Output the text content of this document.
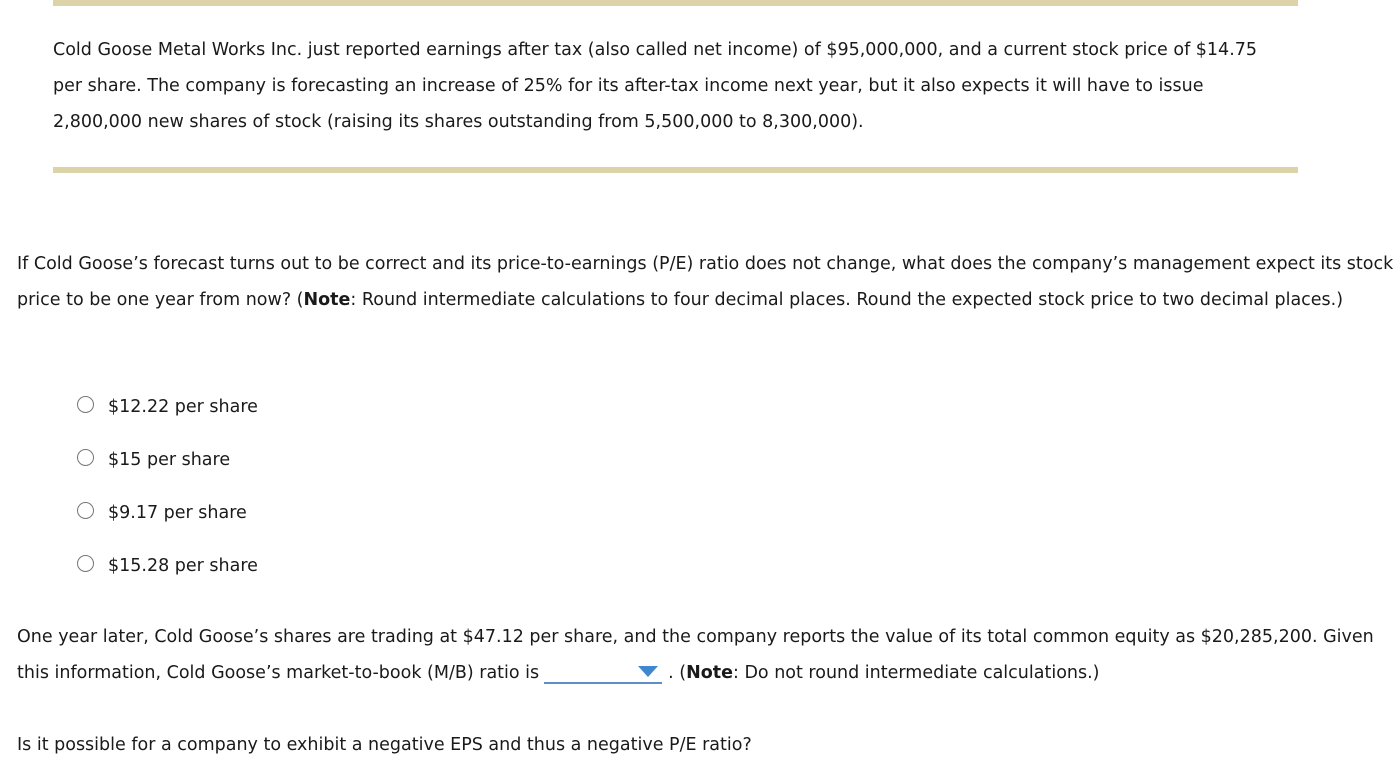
Cold Goose Metal Works Inc. just reported earnings after tax (also called net income) of $95,000,000, and a current stock price of $14.75 per share. The company is forecasting an increase of 25% for its after-tax income next year, but it also expects it will have to issue 2,800,000 new shares of stock (raising its shares outstanding from 5,500,000 to 8,300,000).

If Cold Goose’s forecast turns out to be correct and its price-to-earnings (P/E) ratio does not change, what does the company’s management expect its stock price to be one year from now? (Note: Round intermediate calculations to four decimal places. Round the expected stock price to two decimal places.)

$12.22 per share
$15 per share
$9.17 per share
$15.28 per share

One year later, Cold Goose’s shares are trading at $47.12 per share, and the company reports the value of its total common equity as $20,285,200. Given this information, Cold Goose’s market-to-book (M/B) ratio is	. (Note: Do not round intermediate calculations.)

Is it possible for a company to exhibit a negative EPS and thus a negative P/E ratio?
